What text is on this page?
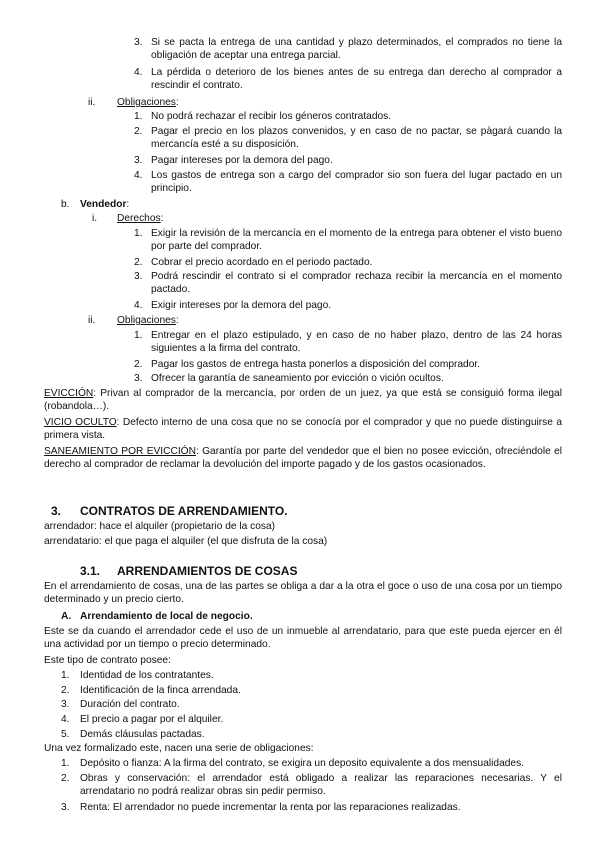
3. Si se pacta la entrega de una cantidad y plazo determinados, el comprados no tiene la obligación de aceptar una entrega parcial.

4. La pérdida o deterioro de los bienes antes de su entrega dan derecho al comprador a rescindir el contrato.

ii. Obligaciones:
1. No podrá rechazar el recibir los géneros contratados.

2. Pagar el precio en los plazos convenidos, y en caso de no pactar, se pàgará cuando la mercancía esté a su disposición.

3. Pagar intereses por la demora del pago.

4. Los gastos de entrega son a cargo del comprador sio son fuera del lugar pactado en un principio.

b. Vendedor:
i. Derechos:
1. Exigir la revisión de la mercancía en el momento de la entrega para obtener el visto bueno por parte del comprador.

2. Cobrar el precio acordado en el periodo pactado.

3. Podrá rescindir el contrato si el comprador rechaza recibir la mercancía en el momento pactado.

4. Exigir intereses por la demora del pago.

ii. Obligaciones:
1. Entregar en el plazo estipulado, y en caso de no haber plazo, dentro de las 24 horas siguientes a la firma del contrato.

2. Pagar los gastos de entrega hasta ponerlos a disposición del comprador.

3. Ofrecer la garantía de saneamiento por evicción o vición ocultos.

EVICCIÓN: Privan al comprador de la mercancía, por orden de un juez, ya que está se consiguió forma ilegal (robandola…).

VICIO OCULTO: Defecto interno de una cosa que no se conocía por el comprador y que no puede distinguirse a primera vista.

SANEAMIENTO POR EVICCIÓN: Garantía por parte del vendedor que el bien no posee evicción, ofreciéndole el derecho al comprador de reclamar la devolución del importe pagado y de los gastos ocasionados.

3. CONTRATOS DE ARRENDAMIENTO.

arrendador: hace el alquiler (propietario de la cosa)

arrendatario: el que paga el alquiler (el que disfruta de la cosa)

3.1. ARRENDAMIENTOS DE COSAS

En el arrendamiento de cosas, una de las partes se obliga a dar a la otra el goce o uso de una cosa por un tiempo determinado y un precio cierto.

A. Arrendamiento de local de negocio.

Este se da cuando el arrendador cede el uso de un inmueble al arrendatario, para que este pueda ejercer en él una actividad por un tiempo o precio determinado.

Este tipo de contrato posee:

1. Identidad de los contratantes.

2. Identificación de la finca arrendada.

3. Duración del contrato.

4. El precio a pagar por el alquiler.

5. Demás cláusulas pactadas.

Una vez formalizado este, nacen una serie de obligaciones:

1. Depósito o fianza: A la firma del contrato, se exigira un deposito equivalente a dos mensualidades.

2. Obras y conservación: el arrendador está obligado a realizar las reparaciones necesarias. Y el arrendatario no podrá realizar obras sin pedir permiso.

3. Renta: El arrendador no puede incrementar la renta por las reparaciones realizadas.
